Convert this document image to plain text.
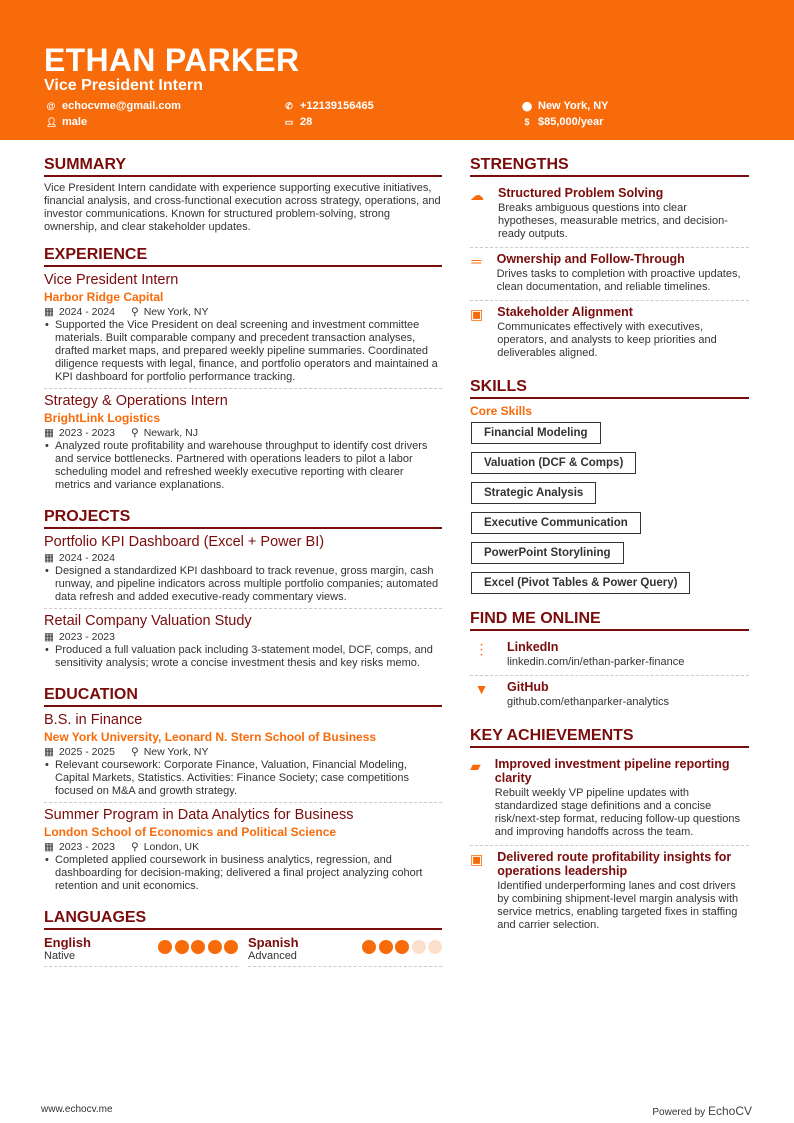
ETHAN PARKER
Vice President Intern
@ echocvme@gmail.com
👤︎ male
✆ +12139156465
▭ 28
⬤ New York, NY
$ $85,000/year
SUMMARY
Vice President Intern candidate with experience supporting executive initiatives, financial analysis, and cross-functional execution across strategy, operations, and investor communications. Known for structured problem-solving, strong ownership, and clear stakeholder updates.
EXPERIENCE
Vice President Intern
Harbor Ridge Capital
▦ 2024 - 2024 ⚲ New York, NY
• Supported the Vice President on deal screening and investment committee materials. Built comparable company and precedent transaction analyses, drafted market maps, and prepared weekly pipeline summaries. Coordinated diligence requests with legal, finance, and portfolio operators and maintained a KPI dashboard for portfolio performance tracking.
Strategy & Operations Intern
BrightLink Logistics
▦ 2023 - 2023 ⚲ Newark, NJ
• Analyzed route profitability and warehouse throughput to identify cost drivers and service bottlenecks. Partnered with operations leaders to pilot a labor scheduling model and refreshed weekly executive reporting with clearer metrics and variance explanations.
PROJECTS
Portfolio KPI Dashboard (Excel + Power BI)
▦ 2024 - 2024
• Designed a standardized KPI dashboard to track revenue, gross margin, cash runway, and pipeline indicators across multiple portfolio companies; automated data refresh and added executive-ready commentary views.
Retail Company Valuation Study
▦ 2023 - 2023
• Produced a full valuation pack including 3-statement model, DCF, comps, and sensitivity analysis; wrote a concise investment thesis and key risks memo.
EDUCATION
B.S. in Finance
New York University, Leonard N. Stern School of Business
▦ 2025 - 2025 ⚲ New York, NY
• Relevant coursework: Corporate Finance, Valuation, Financial Modeling, Capital Markets, Statistics. Activities: Finance Society; case competitions focused on M&A and growth strategy.
Summer Program in Data Analytics for Business
London School of Economics and Political Science
▦ 2023 - 2023 ⚲ London, UK
• Completed applied coursework in business analytics, regression, and dashboarding for decision-making; delivered a final project analyzing cohort retention and unit economics.
LANGUAGES
English
Native
Spanish
Advanced
STRENGTHS
☁ Structured Problem Solving
Breaks ambiguous questions into clear hypotheses, measurable metrics, and decision-ready outputs.
═ Ownership and Follow-Through
Drives tasks to completion with proactive updates, clean documentation, and reliable timelines.
▣ Stakeholder Alignment
Communicates effectively with executives, operators, and analysts to keep priorities and deliverables aligned.
SKILLS
Core Skills
Financial Modeling
Valuation (DCF & Comps)
Strategic Analysis
Executive Communication
PowerPoint Storylining
Excel (Pivot Tables & Power Query)
FIND ME ONLINE
⋮	LinkedIn
linkedin.com/in/ethan-parker-finance
▼	GitHub
github.com/ethanparker-analytics
KEY ACHIEVEMENTS
▰ Improved investment pipeline reporting clarity
Rebuilt weekly VP pipeline updates with standardized stage definitions and a concise risk/next-step format, reducing follow-up questions and improving handoffs across the team.
▣ Delivered route profitability insights for operations leadership
Identified underperforming lanes and cost drivers by combining shipment-level margin analysis with service metrics, enabling targeted fixes in staffing and carrier selection.
www.echocv.me	Powered by EchoCV
